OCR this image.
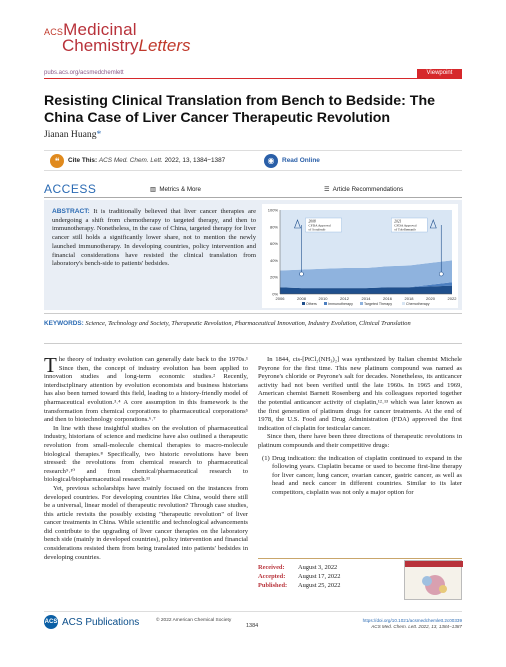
ACSMedicinal
ChemistryLetters
pubs.acs.org/acsmedchemlett	Viewpoint
Resisting Clinical Translation from Bench to Bedside: The China Case of Liver Cancer Therapeutic Revolution
Jianan Huang*
❝	Cite This: ACS Med. Chem. Lett. 2022, 13, 1384−1387	◉	Read Online
ACCESS	▥ Metrics & More	☰ Article Recommendations
ABSTRACT: It is traditionally believed that liver cancer therapies are undergoing a shift from chemotherapy to targeted therapy, and then to immunotherapy. Nonetheless, in the case of China, targeted therapy for liver cancer still holds a significantly lower share, not to mention the newly launched immunotherapy. In developing countries, policy intervention and financial considerations have resisted the clinical translation from laboratory's bench-side to patients' bedsides.
0%
20%
40%
60%
80%
100%
2006	2008	2010	2012	2014	2016	2018	2020	2022
2008
CFDA Approval of Sorafenib
2021
CFDA Approval of Toleflemanib
Others	Immunotherapy	Targeted Therapy	Chemotherapy
KEYWORDS: Science, Technology and Society, Therapeutic Revolution, Pharmaceutical Innovation, Industry Evolution, Clinical Translation

The theory of industry evolution can generally date back to the 1970s.¹ Since then, the concept of industry evolution has been applied to innovation studies and long-term economic studies.² Recently, interdisciplinary attention by evolution economists and business historians has also been turned toward this field, leading to a history-friendly model of pharmaceutical evolution.³˒⁴ A core assumption in this framework is the transformation from chemical corporations to pharmaceutical corporations⁵ and then to biotechnology corporations.⁶˒⁷

In line with these insightful studies on the evolution of pharmaceutical industry, historians of science and medicine have also outlined a therapeutic revolution from small-molecule chemical therapies to macro-molecule biological therapies.⁸ Specifically, two historic revolutions have been stressed: the revolutions from chemical research to pharmaceutical research⁹˒¹⁰ and from chemical/pharmaceutical research to biological/biopharmaceutical research.¹¹

Yet, previous scholarships have mainly focused on the instances from developed countries. For developing countries like China, would there still be a universal, linear model of therapeutic revolution? Through case studies, this article revisits the possibly existing "therapeutic revolution" of liver cancer treatments in China. While scientific and technological advancements did contribute to the upgrading of liver cancer therapies on the laboratory bench side (mainly in developed countries), policy intervention and financial considerations resisted them from being translated into patients' bedsides in developing countries.

In 1844, cis-[PtCl₂(NH₃)₂] was synthesized by Italian chemist Michele Peyrone for the first time. This new platinum compound was named as Peyrone's chloride or Peyrone's salt for decades. Nonetheless, its anticancer activity had not been verified until the late 1960s. In 1965 and 1969, American chemist Barnett Rosenberg and his colleagues reported together the potential anticancer activity of cisplatin,¹²˒¹³ which was later known as the first generation of platinum drugs for cancer treatments. At the end of 1978, the U.S. Food and Drug Administration (FDA) approved the first indication of cisplatin for testicular cancer.

Since then, there have been three directions of therapeutic revolutions in platinum compounds and their competitive drugs:

(1) Drug indication: the indication of cisplatin continued to expand in the following years. Cisplatin became or used to become first-line therapy for liver cancer, lung cancer, ovarian cancer, gastric cancer, as well as head and neck cancer in different countries. Similar to its later competitors, cisplatin was not only a major option for

Received: August 3, 2022
Accepted: August 17, 2022
Published: August 25, 2022
ACS ACS Publications	© 2022 American Chemical Society
1384
https://doi.org/10.1021/acsmedchemlett.2c00339
ACS Med. Chem. Lett. 2022, 13, 1384−1387
